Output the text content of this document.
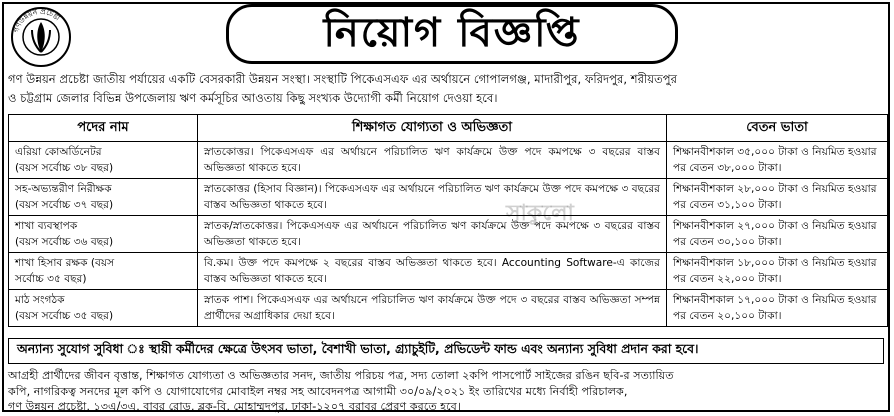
গণউন্নয়ন প্রচেষ্টা	নিয়োগ বিজ্ঞপ্তি
গণ উন্নয়ন প্রচেষ্টা জাতীয় পর্যায়ের একটি বেসরকারী উন্নয়ন সংস্থা। সংস্থাটি পিকেএসএফ এর অর্থায়নে গোপালগঞ্জ, মাদারীপুর, ফরিদপুর, শরীয়তপুর
ও চট্টগ্রাম জেলার বিভিন্ন উপজেলায় ঋণ কর্মসূচির আওতায় কিছু সংখ্যক উদ্যোগী কর্মী নিয়োগ দেওয়া হবে।
সাকুলো
পদের নাম	শিক্ষাগত যোগ্যতা ও অভিজ্ঞতা	বেতন ভাতা

এরিয়া কোঅর্ডিনেটর
(বয়স সর্বোচ্চ ৩৮ বছর)	স্নাতকোত্তর। পিকেএসএফ এর অর্থায়নে পরিচালিত ঋণ কার্যক্রমে উক্ত পদে কমপক্ষে ৩ বছরের বাস্তব অভিজ্ঞতা থাকতে হবে।	শিক্ষানবীশকাল ৩৫,০০০ টাকা ও নিয়মিত হওয়ার পর বেতন ৩৮,০০০ টাকা।

সহ-অভ্যন্তরীণ নিরীক্ষক
(বয়স সর্বোচ্চ ৩৭ বছর)	স্নাতকোত্তর (হিসাব বিজ্ঞান)। পিকেএসএফ এর অর্থায়নে পরিচালিত ঋণ কার্যক্রমে উক্ত পদে কমপক্ষে ৩ বছরের বাস্তব অভিজ্ঞতা থাকতে হবে।	শিক্ষানবীশকাল ২৮,০০০ টাকা ও নিয়মিত হওয়ার পর বেতন ৩১,১০০ টাকা।

শাখা ব্যবস্থাপক
(বয়স সর্বোচ্চ ৩৬ বছর)	স্নাতক/স্নাতকোত্তর। পিকেএসএফ এর অর্থায়নে পরিচালিত ঋণ কার্যক্রমে উক্ত পদে কমপক্ষে ৩ বছরের বাস্তব অভিজ্ঞতা থাকতে হবে।	শিক্ষানবীশকাল ২৭,০০০ টাকা ও নিয়মিত হওয়ার পর বেতন ৩০,১০০ টাকা।

শাখা হিসাব রক্ষক (বয়স
সর্বোচ্চ ৩৫ বছর)	বি.কম। উক্ত পদে কমপক্ষে ২ বছরের বাস্তব অভিজ্ঞতা থাকতে হবে। Accounting Software-এ কাজের বাস্তব অভিজ্ঞতা থাকতে হবে।	শিক্ষানবীশকাল ১৮,০০০ টাকা ও নিয়মিত হওয়ার পর বেতন ২২,০০০ টাকা।

মাঠ সংগঠক
(বয়স সর্বোচ্চ ৩৫ বছর)	স্নাতক পাশ। পিকেএসএফ এর অর্থায়নে পরিচালিত ঋণ কার্যক্রমে উক্ত পদে ৩ বছরের বাস্তব অভিজ্ঞতা সম্পন্ন প্রার্থীদের অগ্রাধিকার দেয়া হবে।	শিক্ষানবীশকাল ১৭,০০০ টাকা ও নিয়মিত হওয়ার পর বেতন ২০,১০০ টাকা।
অন্যান্য সুযোগ সুবিধা ঃ স্থায়ী কর্মীদের ক্ষেত্রে উৎসব ভাতা, বৈশাখী ভাতা, গ্র্যাচুইটি, প্রভিডেন্ট ফান্ড এবং অন্যান্য সুবিধা প্রদান করা হবে।
আগ্রহী প্রার্থীদের জীবন বৃত্তান্ত, শিক্ষাগত যোগ্যতা ও অভিজ্ঞতার সনদ, জাতীয় পরিচয় পত্র, সদ্য তোলা ২কপি পাসপোর্ট সাইজের রঙিন ছবি-র সত্যায়িত
কপি, নাগরিকত্ব সনদের মূল কপি ও যোগাযোগের মোবাইল নম্বর সহ আবেদনপত্র আগামী ৩০/০৯/২০২১ ইং তারিখের মধ্যে নির্বাহী পরিচালক,
গণ উন্নয়ন প্রচেষ্টা, ১৩এ/৩এ, বাবর রোড, ব্লক-বি, মোহাম্মদপুর, ঢাকা-১২০৭ বরাবর প্রেরণ করতে হবে।
